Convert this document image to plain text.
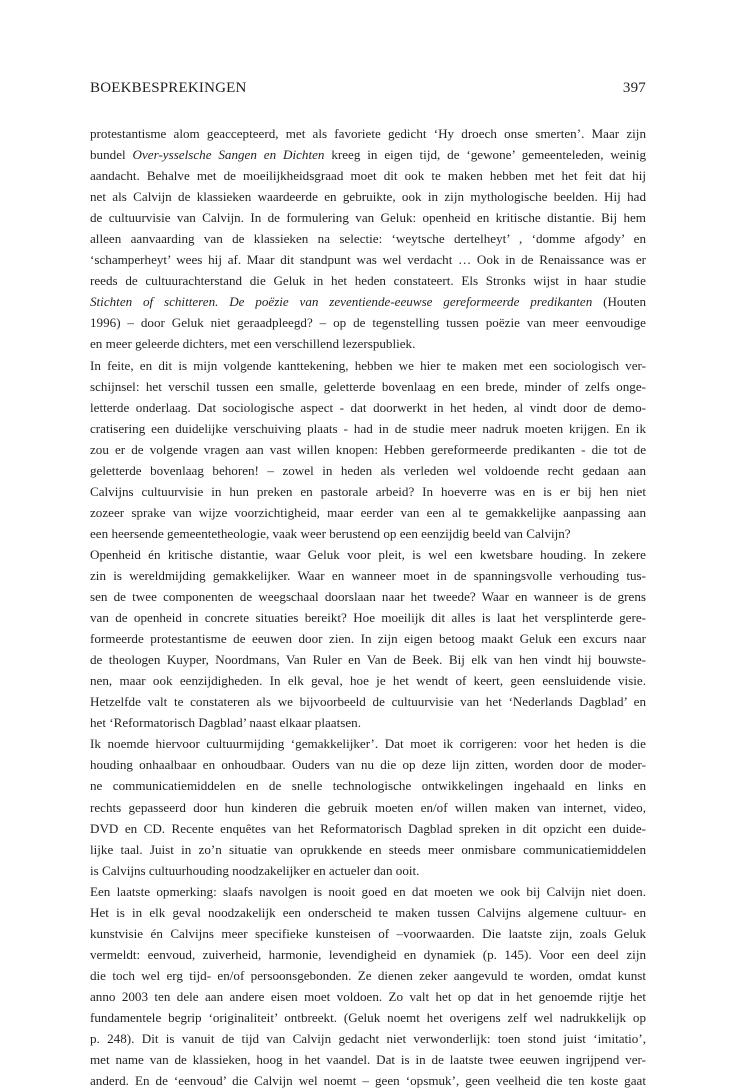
BOEKBESPREKINGEN	397

protestantisme alom geaccepteerd, met als favoriete gedicht ‘Hy droech onse smerten’. Maar zijn
bundel Over-ysselsche Sangen en Dichten kreeg in eigen tijd, de ‘gewone’ gemeenteleden, weinig
aandacht. Behalve met de moeilijkheidsgraad moet dit ook te maken hebben met het feit dat hij
net als Calvijn de klassieken waardeerde en gebruikte, ook in zijn mythologische beelden. Hij had
de cultuurvisie van Calvijn. In de formulering van Geluk: openheid en kritische distantie. Bij hem
alleen aanvaarding van de klassieken na selectie: ‘weytsche dertelheyt’ , ‘domme afgody’ en
‘schamperheyt’ wees hij af. Maar dit standpunt was wel verdacht … Ook in de Renaissance was er
reeds de cultuurachterstand die Geluk in het heden constateert. Els Stronks wijst in haar studie
Stichten of schitteren. De poëzie van zeventiende-eeuwse gereformeerde predikanten (Houten
1996) – door Geluk niet geraadpleegd? – op de tegenstelling tussen poëzie van meer eenvoudige
en meer geleerde dichters, met een verschillend lezerspubliek.

In feite, en dit is mijn volgende kanttekening, hebben we hier te maken met een sociologisch ver-
schijnsel: het verschil tussen een smalle, geletterde bovenlaag en een brede, minder of zelfs onge-
letterde onderlaag. Dat sociologische aspect - dat doorwerkt in het heden, al vindt door de demo-
cratisering een duidelijke verschuiving plaats - had in de studie meer nadruk moeten krijgen. En ik
zou er de volgende vragen aan vast willen knopen: Hebben gereformeerde predikanten - die tot de
geletterde bovenlaag behoren! – zowel in heden als verleden wel voldoende recht gedaan aan
Calvijns cultuurvisie in hun preken en pastorale arbeid? In hoeverre was en is er bij hen niet
zozeer sprake van wijze voorzichtigheid, maar eerder van een al te gemakkelijke aanpassing aan
een heersende gemeentetheologie, vaak weer berustend op een eenzijdig beeld van Calvijn?

Openheid én kritische distantie, waar Geluk voor pleit, is wel een kwetsbare houding. In zekere
zin is wereldmijding gemakkelijker. Waar en wanneer moet in de spanningsvolle verhouding tus-
sen de twee componenten de weegschaal doorslaan naar het tweede? Waar en wanneer is de grens
van de openheid in concrete situaties bereikt? Hoe moeilijk dit alles is laat het versplinterde gere-
formeerde protestantisme de eeuwen door zien. In zijn eigen betoog maakt Geluk een excurs naar
de theologen Kuyper, Noordmans, Van Ruler en Van de Beek. Bij elk van hen vindt hij bouwste-
nen, maar ook eenzijdigheden. In elk geval, hoe je het wendt of keert, geen eensluidende visie.
Hetzelfde valt te constateren als we bijvoorbeeld de cultuurvisie van het ‘Nederlands Dagblad’ en
het ‘Reformatorisch Dagblad’ naast elkaar plaatsen.

Ik noemde hiervoor cultuurmijding ‘gemakkelijker’. Dat moet ik corrigeren: voor het heden is die
houding onhaalbaar en onhoudbaar. Ouders van nu die op deze lijn zitten, worden door de moder-
ne communicatiemiddelen en de snelle technologische ontwikkelingen ingehaald en links en
rechts gepasseerd door hun kinderen die gebruik moeten en/of willen maken van internet, video,
DVD en CD. Recente enquêtes van het Reformatorisch Dagblad spreken in dit opzicht een duide-
lijke taal. Juist in zo’n situatie van oprukkende en steeds meer onmisbare communicatiemiddelen
is Calvijns cultuurhouding noodzakelijker en actueler dan ooit.

Een laatste opmerking: slaafs navolgen is nooit goed en dat moeten we ook bij Calvijn niet doen.
Het is in elk geval noodzakelijk een onderscheid te maken tussen Calvijns algemene cultuur- en
kunstvisie én Calvijns meer specifieke kunsteisen of –voorwaarden. Die laatste zijn, zoals Geluk
vermeldt: eenvoud, zuiverheid, harmonie, levendigheid en dynamiek (p. 145). Voor een deel zijn
die toch wel erg tijd- en/of persoonsgebonden. Ze dienen zeker aangevuld te worden, omdat kunst
anno 2003 ten dele aan andere eisen moet voldoen. Zo valt het op dat in het genoemde rijtje het
fundamentele begrip ‘originaliteit’ ontbreekt. (Geluk noemt het overigens zelf wel nadrukkelijk op
p. 248). Dit is vanuit de tijd van Calvijn gedacht niet verwonderlijk: toen stond juist ‘imitatio’,
met name van de klassieken, hoog in het vaandel. Dat is in de laatste twee eeuwen ingrijpend ver-
anderd. En de ‘eenvoud’ die Calvijn wel noemt – geen ‘opsmuk’, geen veelheid die ten koste gaat
